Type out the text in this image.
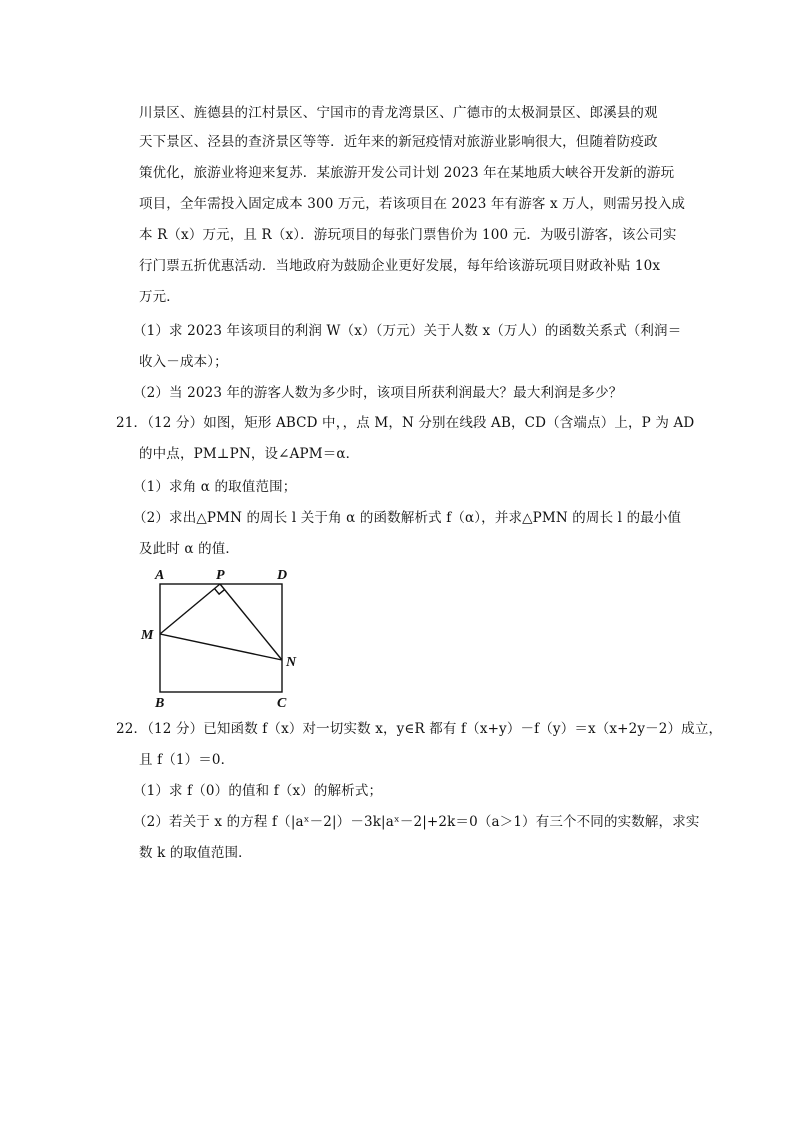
川景区、旌德县的江村景区、宁国市的青龙湾景区、广德市的太极洞景区、郎溪县的观
天下景区、泾县的查济景区等等．近年来的新冠疫情对旅游业影响很大，但随着防疫政
策优化，旅游业将迎来复苏．某旅游开发公司计划 2023 年在某地质大峡谷开发新的游玩
项目，全年需投入固定成本 300 万元，若该项目在 2023 年有游客 x 万人，则需另投入成
本 R（x）万元，且 R（x）．游玩项目的每张门票售价为 100 元．为吸引游客，该公司实
行门票五折优惠活动．当地政府为鼓励企业更好发展，每年给该游玩项目财政补贴 10x
万元．
（1）求 2023 年该项目的利润 W（x）（万元）关于人数 x（万人）的函数关系式（利润＝
收入－成本）；
（2）当 2023 年的游客人数为多少时，该项目所获利润最大？最大利润是多少？
21．（12 分）如图，矩形 ABCD 中，，点 M，N 分别在线段 AB，CD（含端点）上，P 为 AD
的中点，PM⊥PN，设∠APM＝α．
（1）求角 α 的取值范围；
（2）求出△PMN 的周长 l 关于角 α 的函数解析式 f（α），并求△PMN 的周长 l 的最小值
及此时 α 的值．
A	P	D
M
N
B	C
22．（12 分）已知函数 f（x）对一切实数 x，y∈R 都有 f（x+y）－f（y）＝x（x+2y－2）成立，
且 f（1）＝0．
（1）求 f（0）的值和 f（x）的解析式；
（2）若关于 x 的方程 f（|aˣ－2|）－3k|aˣ－2|+2k＝0（a＞1）有三个不同的实数解，求实
数 k 的取值范围．
